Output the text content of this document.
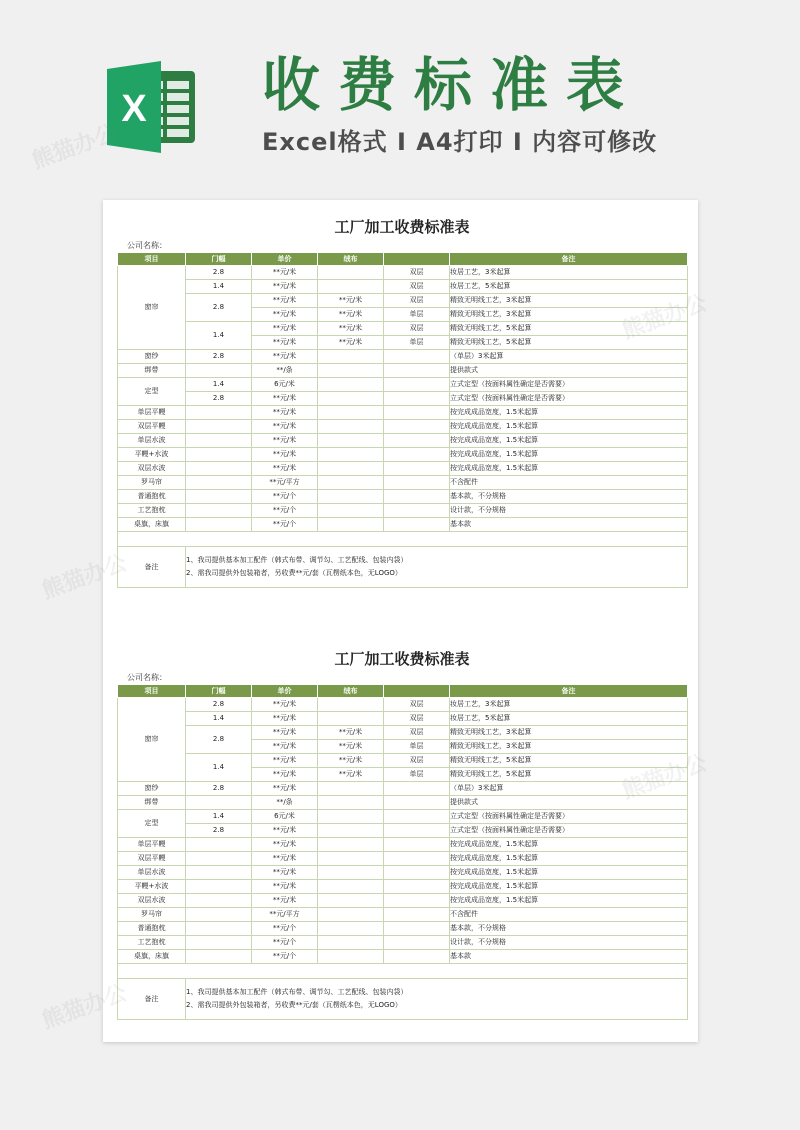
X 收费标准表
Excel格式 I A4打印 I 内容可修改
工厂加工收费标准表
公司名称：
项目	门幅	单价	绒布		备注
窗帘	2.8	**元/米		双层	妆居工艺，3米起算
	1.4	**元/米		双层	妆居工艺，5米起算
	2.8	**元/米	**元/米	双层	精致无明线工艺，3米起算
		**元/米	**元/米	单层	精致无明线工艺，3米起算
	1.4	**元/米	**元/米	双层	精致无明线工艺，5米起算
		**元/米	**元/米	单层	精致无明线工艺，5米起算
窗纱	2.8	**元/米			（单层）3米起算
绑带		**/条			提供款式
定型	1.4	6元/米			立式定型（按面料属性确定是否需要）
	2.8	**元/米			立式定型（按面料属性确定是否需要）
单层平幔		**元/米			按完成成品宽度，1.5米起算
双层平幔		**元/米			按完成成品宽度，1.5米起算
单层水波		**元/米			按完成成品宽度，1.5米起算
平幔+水波		**元/米			按完成成品宽度，1.5米起算
双层水波		**元/米			按完成成品宽度，1.5米起算
罗马帘		**元/平方			不含配件
普通抱枕		**元/个			基本款，不分规格
工艺抱枕		**元/个			设计款，不分规格
桌旗，床旗		**元/个			基本款

备注	1、我司提供基本加工配件（韩式布带、调节勾、工艺配线、包装内袋）
2、需我司提供外包装箱者，另收费**元/套（瓦楞纸本色，无LOGO）				
工厂加工收费标准表
公司名称：
项目	门幅	单价	绒布		备注
窗帘	2.8	**元/米		双层	妆居工艺，3米起算
	1.4	**元/米		双层	妆居工艺，5米起算
	2.8	**元/米	**元/米	双层	精致无明线工艺，3米起算
		**元/米	**元/米	单层	精致无明线工艺，3米起算
	1.4	**元/米	**元/米	双层	精致无明线工艺，5米起算
		**元/米	**元/米	单层	精致无明线工艺，5米起算
窗纱	2.8	**元/米			（单层）3米起算
绑带		**/条			提供款式
定型	1.4	6元/米			立式定型（按面料属性确定是否需要）
	2.8	**元/米			立式定型（按面料属性确定是否需要）
单层平幔		**元/米			按完成成品宽度，1.5米起算
双层平幔		**元/米			按完成成品宽度，1.5米起算
单层水波		**元/米			按完成成品宽度，1.5米起算
平幔+水波		**元/米			按完成成品宽度，1.5米起算
双层水波		**元/米			按完成成品宽度，1.5米起算
罗马帘		**元/平方			不含配件
普通抱枕		**元/个			基本款，不分规格
工艺抱枕		**元/个			设计款，不分规格
桌旗，床旗		**元/个			基本款

备注	1、我司提供基本加工配件（韩式布带、调节勾、工艺配线、包装内袋）
2、需我司提供外包装箱者，另收费**元/套（瓦楞纸本色，无LOGO）				
熊猫办公
熊猫办公
熊猫办公
